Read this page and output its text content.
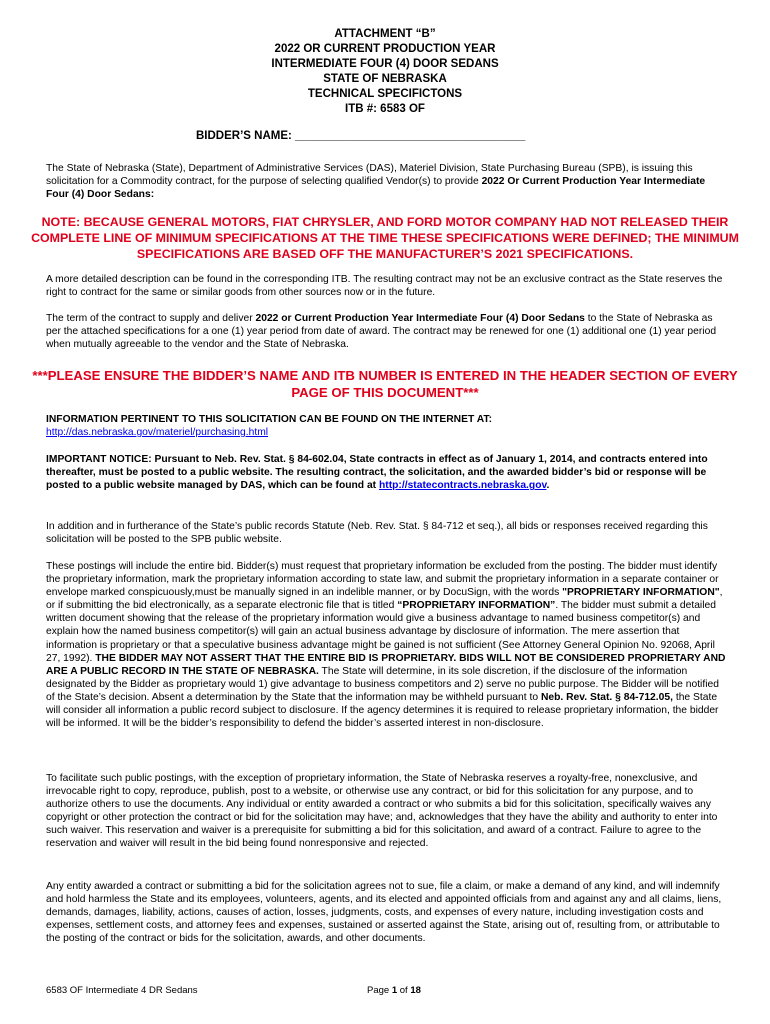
ATTACHMENT “B”
2022 OR CURRENT PRODUCTION YEAR
INTERMEDIATE FOUR (4) DOOR SEDANS
STATE OF NEBRASKA
TECHNICAL SPECIFICTONS
ITB #: 6583 OF
BIDDER’S NAME: ____________________________________
The State of Nebraska (State), Department of Administrative Services (DAS), Materiel Division, State Purchasing Bureau (SPB), is issuing this solicitation for a Commodity contract, for the purpose of selecting qualified Vendor(s) to provide 2022 Or Current Production Year Intermediate Four (4) Door Sedans:
NOTE: BECAUSE GENERAL MOTORS, FIAT CHRYSLER, AND FORD MOTOR COMPANY HAD NOT RELEASED THEIR COMPLETE LINE OF MINIMUM SPECIFICATIONS AT THE TIME THESE SPECIFICATIONS WERE DEFINED; THE MINIMUM SPECIFICATIONS ARE BASED OFF THE MANUFACTURER’S 2021 SPECIFICATIONS.
A more detailed description can be found in the corresponding ITB. The resulting contract may not be an exclusive contract as the State reserves the right to contract for the same or similar goods from other sources now or in the future.
The term of the contract to supply and deliver 2022 or Current Production Year Intermediate Four (4) Door Sedans to the State of Nebraska as per the attached specifications for a one (1) year period from date of award. The contract may be renewed for one (1) additional one (1) year period when mutually agreeable to the vendor and the State of Nebraska.
***PLEASE ENSURE THE BIDDER’S NAME AND ITB NUMBER IS ENTERED IN THE HEADER SECTION OF EVERY PAGE OF THIS DOCUMENT***
INFORMATION PERTINENT TO THIS SOLICITATION CAN BE FOUND ON THE INTERNET AT:
http://das.nebraska.gov/materiel/purchasing.html
IMPORTANT NOTICE: Pursuant to Neb. Rev. Stat. § 84-602.04, State contracts in effect as of January 1, 2014, and contracts entered into thereafter, must be posted to a public website. The resulting contract, the solicitation, and the awarded bidder’s bid or response will be posted to a public website managed by DAS, which can be found at http://statecontracts.nebraska.gov.
In addition and in furtherance of the State’s public records Statute (Neb. Rev. Stat. § 84-712 et seq.), all bids or responses received regarding this solicitation will be posted to the SPB public website.
These postings will include the entire bid. Bidder(s) must request that proprietary information be excluded from the posting. The bidder must identify the proprietary information, mark the proprietary information according to state law, and submit the proprietary information in a separate container or envelope marked conspicuously,must be manually signed in an indelible manner, or by DocuSign, with the words "PROPRIETARY INFORMATION", or if submitting the bid electronically, as a separate electronic file that is titled “PROPRIETARY INFORMATION”. The bidder must submit a detailed written document showing that the release of the proprietary information would give a business advantage to named business competitor(s) and explain how the named business competitor(s) will gain an actual business advantage by disclosure of information. The mere assertion that information is proprietary or that a speculative business advantage might be gained is not sufficient (See Attorney General Opinion No. 92068, April 27, 1992). THE BIDDER MAY NOT ASSERT THAT THE ENTIRE BID IS PROPRIETARY. BIDS WILL NOT BE CONSIDERED PROPRIETARY AND ARE A PUBLIC RECORD IN THE STATE OF NEBRASKA. The State will determine, in its sole discretion, if the disclosure of the information designated by the Bidder as proprietary would 1) give advantage to business competitors and 2) serve no public purpose. The Bidder will be notified of the State’s decision. Absent a determination by the State that the information may be withheld pursuant to Neb. Rev. Stat. § 84-712.05, the State will consider all information a public record subject to disclosure. If the agency determines it is required to release proprietary information, the bidder will be informed. It will be the bidder’s responsibility to defend the bidder’s asserted interest in non-disclosure.
To facilitate such public postings, with the exception of proprietary information, the State of Nebraska reserves a royalty-free, nonexclusive, and irrevocable right to copy, reproduce, publish, post to a website, or otherwise use any contract, or bid for this solicitation for any purpose, and to authorize others to use the documents. Any individual or entity awarded a contract or who submits a bid for this solicitation, specifically waives any copyright or other protection the contract or bid for the solicitation may have; and, acknowledges that they have the ability and authority to enter into such waiver. This reservation and waiver is a prerequisite for submitting a bid for this solicitation, and award of a contract. Failure to agree to the reservation and waiver will result in the bid being found nonresponsive and rejected.
Any entity awarded a contract or submitting a bid for the solicitation agrees not to sue, file a claim, or make a demand of any kind, and will indemnify and hold harmless the State and its employees, volunteers, agents, and its elected and appointed officials from and against any and all claims, liens, demands, damages, liability, actions, causes of action, losses, judgments, costs, and expenses of every nature, including investigation costs and expenses, settlement costs, and attorney fees and expenses, sustained or asserted against the State, arising out of, resulting from, or attributable to the posting of the contract or bids for the solicitation, awards, and other documents.
6583 OF Intermediate 4 DR Sedans	Page 1 of 18
